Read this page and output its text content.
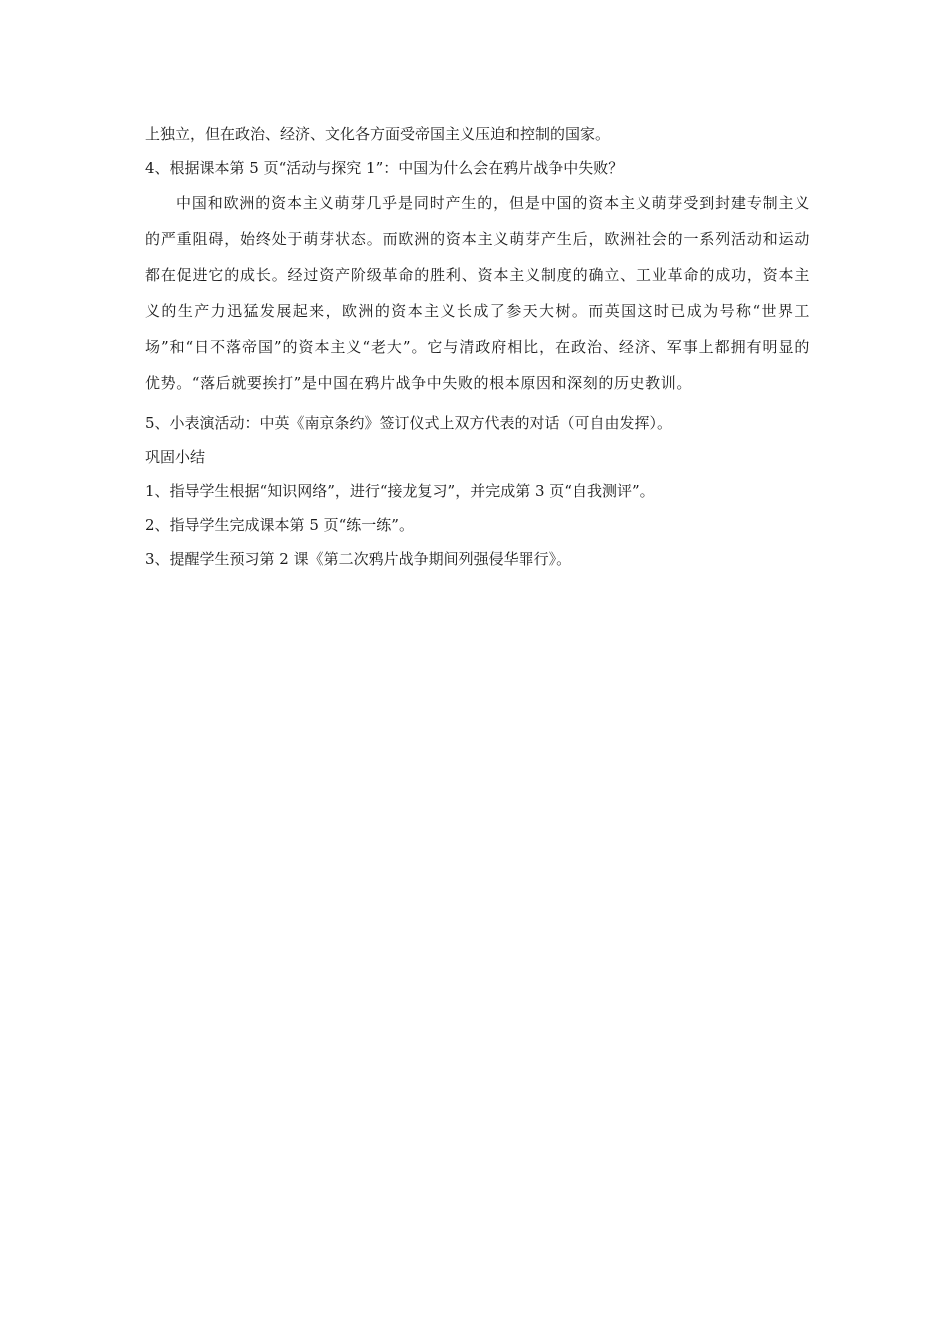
上独立，但在政治、经济、文化各方面受帝国主义压迫和控制的国家。
4、根据课本第 5 页“活动与探究 1”：中国为什么会在鸦片战争中失败？
中国和欧洲的资本主义萌芽几乎是同时产生的，但是中国的资本主义萌芽受到封建专制主义的严重阻碍，始终处于萌芽状态。而欧洲的资本主义萌芽产生后，欧洲社会的一系列活动和运动都在促进它的成长。经过资产阶级革命的胜利、资本主义制度的确立、工业革命的成功，资本主义的生产力迅猛发展起来，欧洲的资本主义长成了参天大树。而英国这时已成为号称“世界工场”和“日不落帝国”的资本主义“老大”。它与清政府相比，在政治、经济、军事上都拥有明显的优势。“落后就要挨打”是中国在鸦片战争中失败的根本原因和深刻的历史教训。
5、小表演活动：中英《南京条约》签订仪式上双方代表的对话（可自由发挥）。
巩固小结
1、指导学生根据“知识网络”，进行“接龙复习”，并完成第 3 页“自我测评”。
2、指导学生完成课本第 5 页“练一练”。
3、提醒学生预习第 2 课《第二次鸦片战争期间列强侵华罪行》。
